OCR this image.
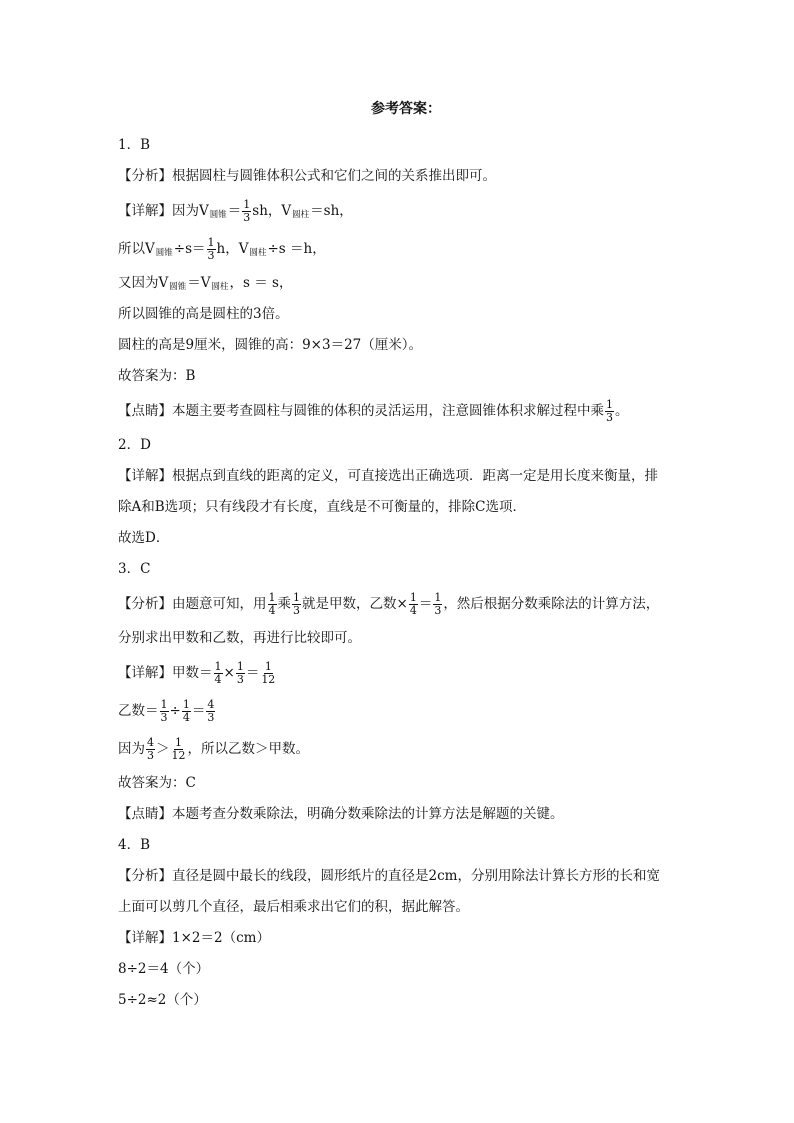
参考答案：
1．B
【分析】 根据圆柱与圆锥体积公式和它们之间的关系推出即可。
【详解】 因为V 圆锥 ＝ $\frac{1}{3}$ sh，V 圆柱 ＝sh，
所以V 圆锥 $\div s= \frac{1}{3}$ h，V 圆柱 ÷s ＝h，
又因为V 圆锥 ＝V 圆柱 ，s ＝ s，
所以圆锥的高是圆柱的3倍。
圆柱的高是9厘米，圆锥的高：9×3＝27（厘米）。
故答案为：B
【点睛】 本题主要考查圆柱与圆锥的体积的灵活运用，注意圆锥体积求解过程中乘 $\frac{1}{3}$ 。
2．D
【详解】 根据点到直线的距离的定义，可直接选出正确选项．距离一定是用长度来衡量，排
除A和B选项；只有线段才有长度，直线是不可衡量的，排除C选项．
故选D．
3．C
【分析】 由题意可知，用 $\frac{1}{4}$ 乘 $\frac{1}{3}$ 就是甲数，乙数× $\frac{1}{4} = \frac{1}{3}$ ，然后根据分数乘除法的计算方法，
分别求出甲数和乙数，再进行比较即可。
【详解】 甲数＝ $\frac{1}{4} \times \frac{1}{3} = \frac{1}{12}$
乙数＝ $\frac{1}{3} \div \frac{1}{4} = \frac{4}{3}$
因为 $\frac{4}{3} > \frac{1}{12}$ ，所以乙数＞甲数。
故答案为：C
【点睛】 本题考查分数乘除法，明确分数乘除法的计算方法是解题的关键。
4．B
【分析】 直径是圆中最长的线段，圆形纸片的直径是2cm，分别用除法计算长方形的长和宽
上面可以剪几个直径，最后相乘求出它们的积，据此解答。
【详解】 1×2＝2（cm）
8÷2＝4（个）
5÷2≈2（个）
